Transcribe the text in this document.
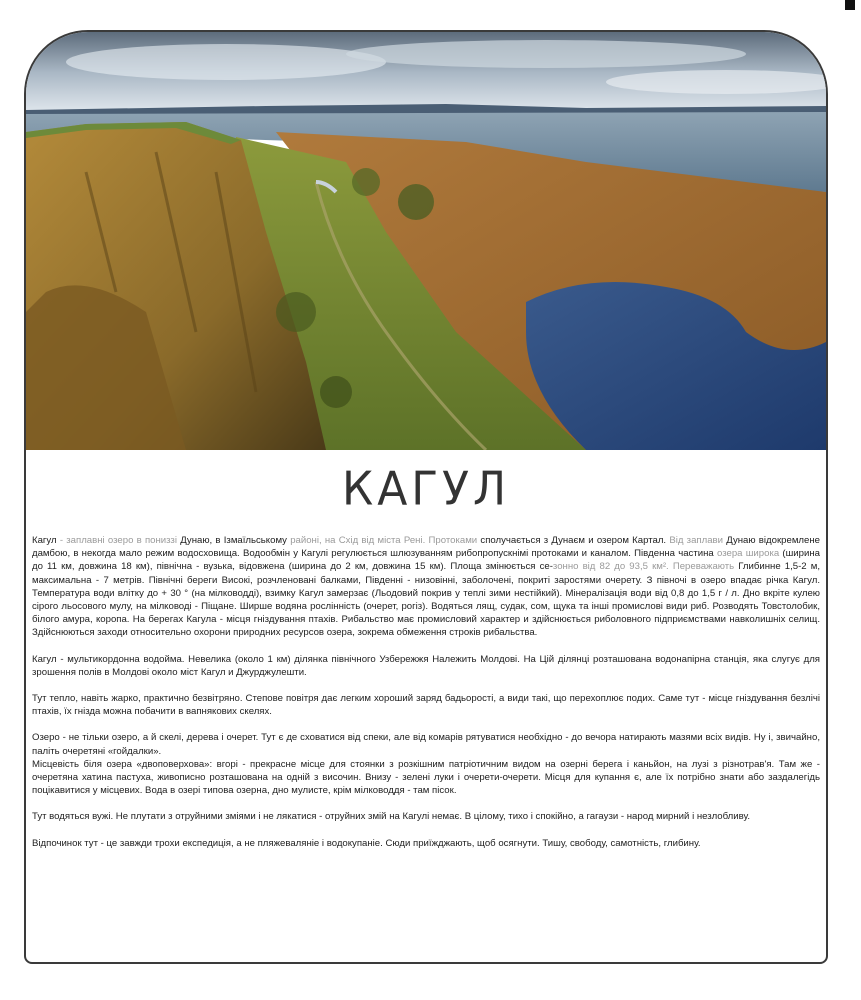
КАГУЛ

Кагул - заплавні озеро в пониззі Дунаю, в Ізмаїльському районі, на Схід від міста Рені. Протоками сполучається з Дунаєм и озером Картал. Від заплави Дунаю відокремлене дамбою, в некогда мало режим водосховища. Водообмін у Кагулі регулюється шлюзуванням рибопропускнімі протоками и каналом. Південна частина озера широка (ширина до 11 км, довжина 18 км), північна - вузька, відовжена (ширина до 2 км, довжина 15 км). Площа змінюється се-зонно від 82 до 93,5 км². Переважають Глибинне 1,5-2 м, максимальна - 7 метрів. Північні береги Високі, розчленовані балками, Південні - низовінні, заболочені, покриті заростями очерету. З півночі в озеро впадає річка Кагул. Температура води влітку до + 30 ° (на мілководді), взимку Кагул замерзає (Льодовий покрив у теплі зими нестійкий). Мінералізація води від 0,8 до 1,5 г / л. Дно вкріте кулею сірого льосового мулу, на мілководі - Піщане. Ширше водяна рослінність (очерет, рогіз). Водяться лящ, судак, сом, щука та інші промислові види риб. Розводять Товстолобик, білого амура, коропа. На берегах Кагула - місця гніздування птахів. Рибальство має промисловий характер и здійснюється риболовного підприємствами навколишніх селищ. Здійснюються заходи относительно охорони природних ресурсов озера, зокрема обмеження строків рибальства.

Кагул - мультикордонна водойма. Невелика (около 1 км) ділянка північного Узбережжя Належить Молдові. На Цій ділянці розташована водонапірна станція, яка слугує для зрошення полів в Молдові около міст Кагул и Джурджулешти.

Тут тепло, навіть жарко, практично безвітряно. Степове повітря дає легким хороший заряд бадьорості, а види такі, що перехоплює подих. Саме тут - місце гніздування безлічі птахів, їх гнізда можна побачити в вапнякових скелях.

Озеро - не тільки озеро, а й скелі, дерева і очерет. Тут є де сховатися від спеки, але від комарів рятуватися необхідно - до вечора натирають мазями всіх видів. Ну і, звичайно, паліть очеретяні «гойдалки».

Місцевість біля озера «двоповерхова»: вгорі - прекрасне місце для стоянки з розкішним патріотичним видом на озерні берега і каньйон, на лузі з різнотрав'я. Там же - очеретяна хатина пастуха, живописно розташована на одній з височин. Внизу - зелені луки і очерети-очерети. Місця для купання є, але їх потрібно знати або заздалегідь поцікавитися у місцевих. Вода в озері типова озерна, дно мулисте, крім мілководдя - там пісок.

Тут водяться вужі. Не плутати з отруйними зміями і не лякатися - отруйних змій на Кагулі немає. В цілому, тихо і спокійно, а гагаузи - народ мирний і незлобливу.

Відпочинок тут - це завжди трохи експедиція, а не пляжеваляніе і водокупаніе. Сюди приїжджають, щоб осягнути. Тишу, свободу, самотність, глибину.
